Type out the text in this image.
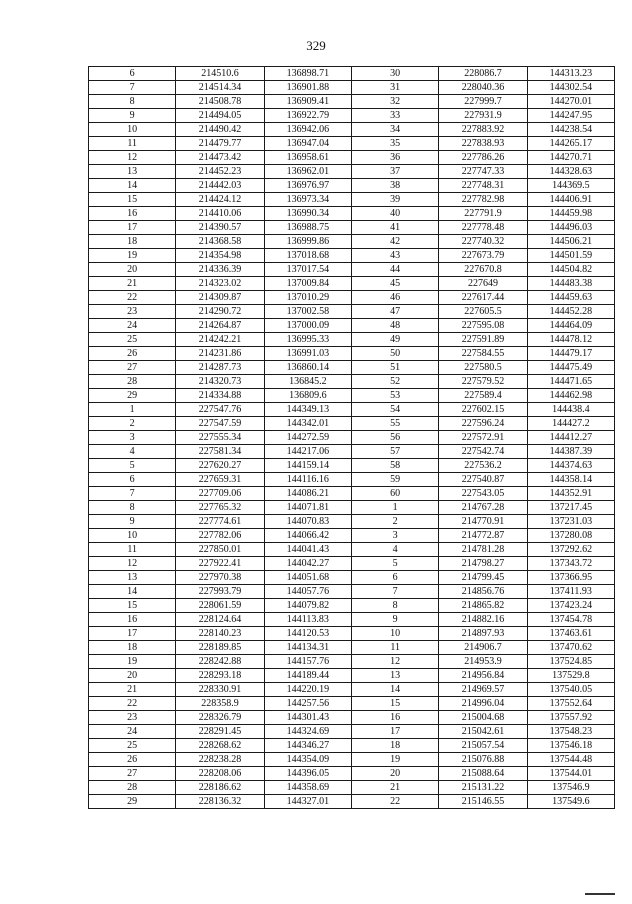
329
6	214510.6	136898.71	30	228086.7	144313.23
7	214514.34	136901.88	31	228040.36	144302.54
8	214508.78	136909.41	32	227999.7	144270.01
9	214494.05	136922.79	33	227931.9	144247.95
10	214490.42	136942.06	34	227883.92	144238.54
11	214479.77	136947.04	35	227838.93	144265.17
12	214473.42	136958.61	36	227786.26	144270.71
13	214452.23	136962.01	37	227747.33	144328.63
14	214442.03	136976.97	38	227748.31	144369.5
15	214424.12	136973.34	39	227782.98	144406.91
16	214410.06	136990.34	40	227791.9	144459.98
17	214390.57	136988.75	41	227778.48	144496.03
18	214368.58	136999.86	42	227740.32	144506.21
19	214354.98	137018.68	43	227673.79	144501.59
20	214336.39	137017.54	44	227670.8	144504.82
21	214323.02	137009.84	45	227649	144483.38
22	214309.87	137010.29	46	227617.44	144459.63
23	214290.72	137002.58	47	227605.5	144452.28
24	214264.87	137000.09	48	227595.08	144464.09
25	214242.21	136995.33	49	227591.89	144478.12
26	214231.86	136991.03	50	227584.55	144479.17
27	214287.73	136860.14	51	227580.5	144475.49
28	214320.73	136845.2	52	227579.52	144471.65
29	214334.88	136809.6	53	227589.4	144462.98
1	227547.76	144349.13	54	227602.15	144438.4
2	227547.59	144342.01	55	227596.24	144427.2
3	227555.34	144272.59	56	227572.91	144412.27
4	227581.34	144217.06	57	227542.74	144387.39
5	227620.27	144159.14	58	227536.2	144374.63
6	227659.31	144116.16	59	227540.87	144358.14
7	227709.06	144086.21	60	227543.05	144352.91
8	227765.32	144071.81	1	214767.28	137217.45
9	227774.61	144070.83	2	214770.91	137231.03
10	227782.06	144066.42	3	214772.87	137280.08
11	227850.01	144041.43	4	214781.28	137292.62
12	227922.41	144042.27	5	214798.27	137343.72
13	227970.38	144051.68	6	214799.45	137366.95
14	227993.79	144057.76	7	214856.76	137411.93
15	228061.59	144079.82	8	214865.82	137423.24
16	228124.64	144113.83	9	214882.16	137454.78
17	228140.23	144120.53	10	214897.93	137463.61
18	228189.85	144134.31	11	214906.7	137470.62
19	228242.88	144157.76	12	214953.9	137524.85
20	228293.18	144189.44	13	214956.84	137529.8
21	228330.91	144220.19	14	214969.57	137540.05
22	228358.9	144257.56	15	214996.04	137552.64
23	228326.79	144301.43	16	215004.68	137557.92
24	228291.45	144324.69	17	215042.61	137548.23
25	228268.62	144346.27	18	215057.54	137546.18
26	228238.28	144354.09	19	215076.88	137544.48
27	228208.06	144396.05	20	215088.64	137544.01
28	228186.62	144358.69	21	215131.22	137546.9
29	228136.32	144327.01	22	215146.55	137549.6
